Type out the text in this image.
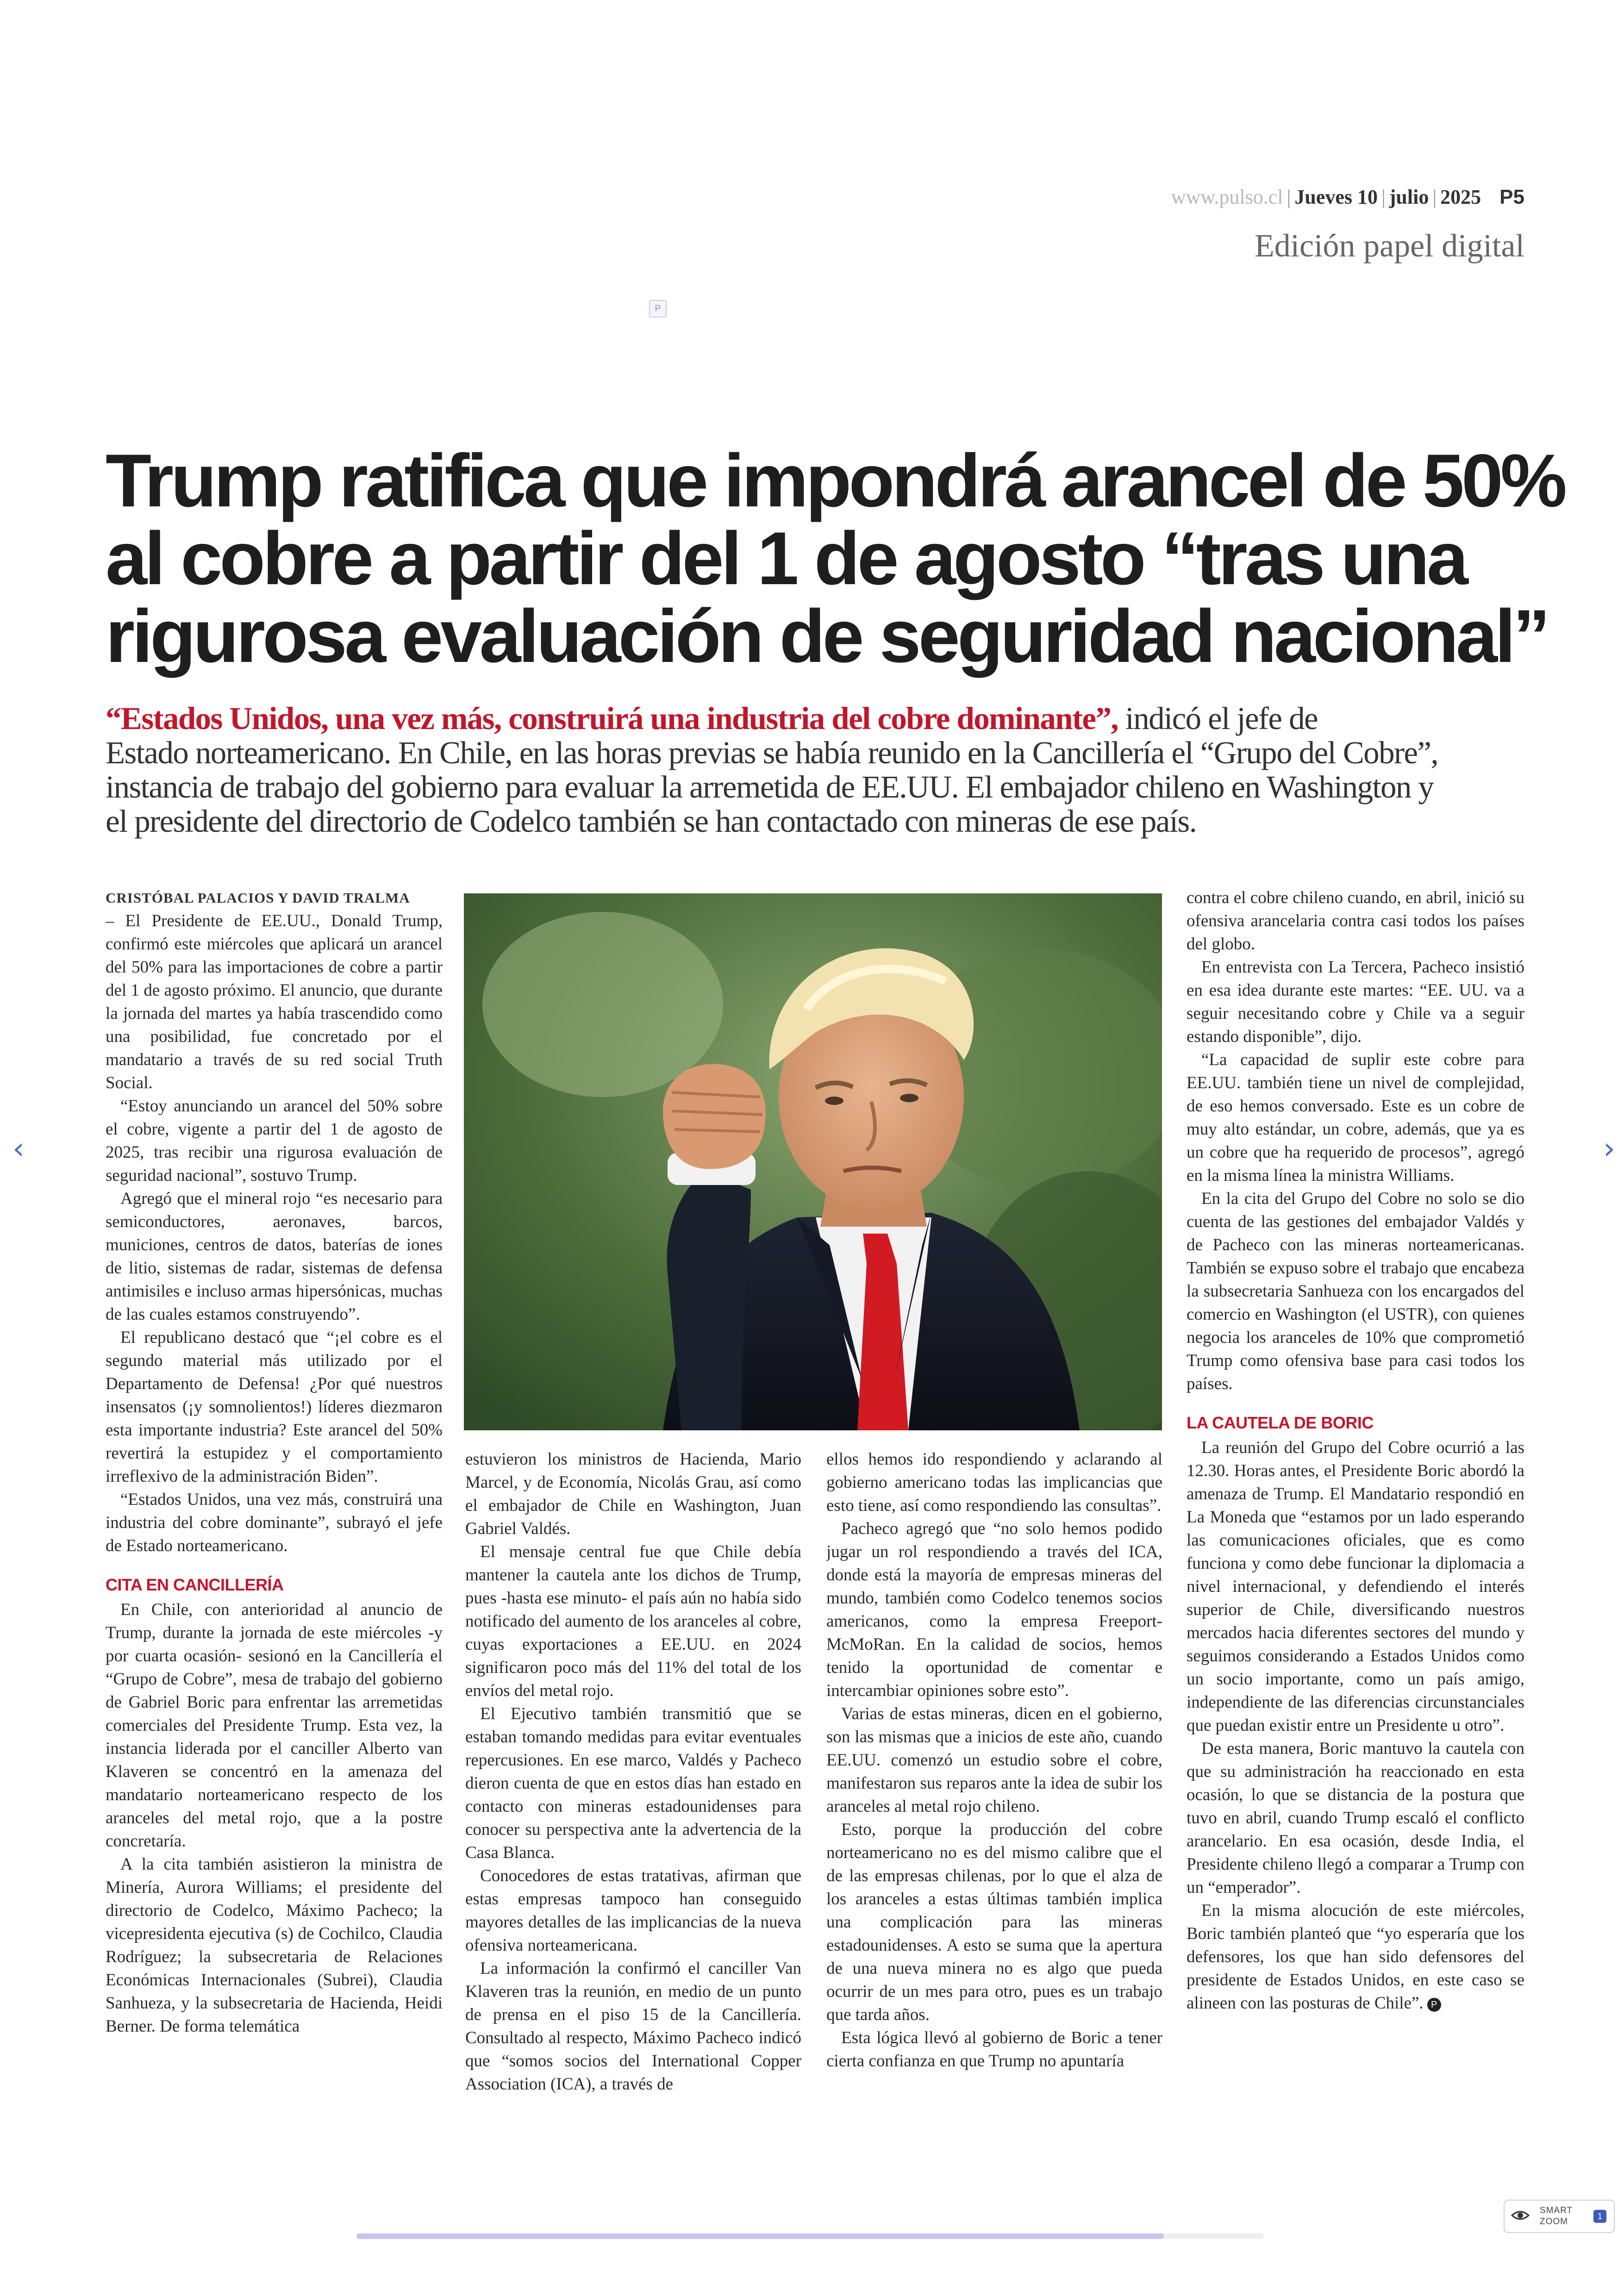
www.pulso.cl | Jueves 10 | julio | 2025 P5
Edición papel digital
P
Trump ratifica que impondrá arancel de 50%
al cobre a partir del 1 de agosto “tras una
rigurosa evaluación de seguridad nacional”

“Estados Unidos, una vez más, construirá una industria del cobre dominante”, indicó el jefe de
Estado norteamericano. En Chile, en las horas previas se había reunido en la Cancillería el “Grupo del Cobre”,
instancia de trabajo del gobierno para evaluar la arremetida de EE.UU. El embajador chileno en Washington y
el presidente del directorio de Codelco también se han contactado con mineras de ese país.

CRISTÓBAL PALACIOS Y DAVID TRALMA

– El Presidente de EE.UU., Donald Trump, confirmó este miércoles que aplicará un arancel del 50% para las importaciones de cobre a partir del 1 de agosto próximo. El anuncio, que durante la jornada del martes ya había trascendido como una posibilidad, fue concretado por el mandatario a través de su red social Truth Social.

“Estoy anunciando un arancel del 50% sobre el cobre, vigente a partir del 1 de agosto de 2025, tras recibir una rigurosa evaluación de seguridad nacional”, sostuvo Trump.

Agregó que el mineral rojo “es necesario para semiconductores, aeronaves, barcos, municiones, centros de datos, baterías de iones de litio, sistemas de radar, sistemas de defensa antimisiles e incluso armas hipersónicas, muchas de las cuales estamos construyendo”.

El republicano destacó que “¡el cobre es el segundo material más utilizado por el Departamento de Defensa! ¿Por qué nuestros insensatos (¡y somnolientos!) líderes diezmaron esta importante industria? Este arancel del 50% revertirá la estupidez y el comportamiento irreflexivo de la administración Biden”.

“Estados Unidos, una vez más, construirá una industria del cobre dominante”, subrayó el jefe de Estado norteamericano.

CITA EN CANCILLERÍA

En Chile, con anterioridad al anuncio de Trump, durante la jornada de este miércoles -y por cuarta ocasión- sesionó en la Cancillería el “Grupo de Cobre”, mesa de trabajo del gobierno de Gabriel Boric para enfrentar las arremetidas comerciales del Presidente Trump. Esta vez, la instancia liderada por el canciller Alberto van Klaveren se concentró en la amenaza del mandatario norteamericano respecto de los aranceles del metal rojo, que a la postre concretaría.

A la cita también asistieron la ministra de Minería, Aurora Williams; el presidente del directorio de Codelco, Máximo Pacheco; la vicepresidenta ejecutiva (s) de Cochilco, Claudia Rodríguez; la subsecretaria de Relaciones Económicas Internacionales (Subrei), Claudia Sanhueza, y la subsecretaria de Hacienda, Heidi Berner. De forma telemática

estuvieron los ministros de Hacienda, Mario Marcel, y de Economía, Nicolás Grau, así como el embajador de Chile en Washington, Juan Gabriel Valdés.

El mensaje central fue que Chile debía mantener la cautela ante los dichos de Trump, pues -hasta ese minuto- el país aún no había sido notificado del aumento de los aranceles al cobre, cuyas exportaciones a EE.UU. en 2024 significaron poco más del 11% del total de los envíos del metal rojo.

El Ejecutivo también transmitió que se estaban tomando medidas para evitar eventuales repercusiones. En ese marco, Valdés y Pacheco dieron cuenta de que en estos días han estado en contacto con mineras estadounidenses para conocer su perspectiva ante la advertencia de la Casa Blanca.

Conocedores de estas tratativas, afirman que estas empresas tampoco han conseguido mayores detalles de las implicancias de la nueva ofensiva norteamericana.

La información la confirmó el canciller Van Klaveren tras la reunión, en medio de un punto de prensa en el piso 15 de la Cancillería. Consultado al respecto, Máximo Pacheco indicó que “somos socios del International Copper Association (ICA), a través de

ellos hemos ido respondiendo y aclarando al gobierno americano todas las implicancias que esto tiene, así como respondiendo las consultas”.

Pacheco agregó que “no solo hemos podido jugar un rol respondiendo a través del ICA, donde está la mayoría de empresas mineras del mundo, también como Codelco tenemos socios americanos, como la empresa Freeport-McMoRan. En la calidad de socios, hemos tenido la oportunidad de comentar e intercambiar opiniones sobre esto”.

Varias de estas mineras, dicen en el gobierno, son las mismas que a inicios de este año, cuando EE.UU. comenzó un estudio sobre el cobre, manifestaron sus reparos ante la idea de subir los aranceles al metal rojo chileno.

Esto, porque la producción del cobre norteamericano no es del mismo calibre que el de las empresas chilenas, por lo que el alza de los aranceles a estas últimas también implica una complicación para las mineras estadounidenses. A esto se suma que la apertura de una nueva minera no es algo que pueda ocurrir de un mes para otro, pues es un trabajo que tarda años.

Esta lógica llevó al gobierno de Boric a tener cierta confianza en que Trump no apuntaría

contra el cobre chileno cuando, en abril, inició su ofensiva arancelaria contra casi todos los países del globo.

En entrevista con La Tercera, Pacheco insistió en esa idea durante este martes: “EE. UU. va a seguir necesitando cobre y Chile va a seguir estando disponible”, dijo.

“La capacidad de suplir este cobre para EE.UU. también tiene un nivel de complejidad, de eso hemos conversado. Este es un cobre de muy alto estándar, un cobre, además, que ya es un cobre que ha requerido de procesos”, agregó en la misma línea la ministra Williams.

En la cita del Grupo del Cobre no solo se dio cuenta de las gestiones del embajador Valdés y de Pacheco con las mineras norteamericanas. También se expuso sobre el trabajo que encabeza la subsecretaria Sanhueza con los encargados del comercio en Washington (el USTR), con quienes negocia los aranceles de 10% que comprometió Trump como ofensiva base para casi todos los países.

LA CAUTELA DE BORIC

La reunión del Grupo del Cobre ocurrió a las 12.30. Horas antes, el Presidente Boric abordó la amenaza de Trump. El Mandatario respondió en La Moneda que “estamos por un lado esperando las comunicaciones oficiales, que es como funciona y como debe funcionar la diplomacia a nivel internacional, y defendiendo el interés superior de Chile, diversificando nuestros mercados hacia diferentes sectores del mundo y seguimos considerando a Estados Unidos como un socio importante, como un país amigo, independiente de las diferencias circunstanciales que puedan existir entre un Presidente u otro”.

De esta manera, Boric mantuvo la cautela con que su administración ha reaccionado en esta ocasión, lo que se distancia de la postura que tuvo en abril, cuando Trump escaló el conflicto arancelario. En esa ocasión, desde India, el Presidente chileno llegó a comparar a Trump con un “emperador”.

En la misma alocución de este miércoles, Boric también planteó que “yo esperaría que los defensores, los que han sido defensores del presidente de Estados Unidos, en este caso se alineen con las posturas de Chile”. P

‹	›
SMART
ZOOM
1
